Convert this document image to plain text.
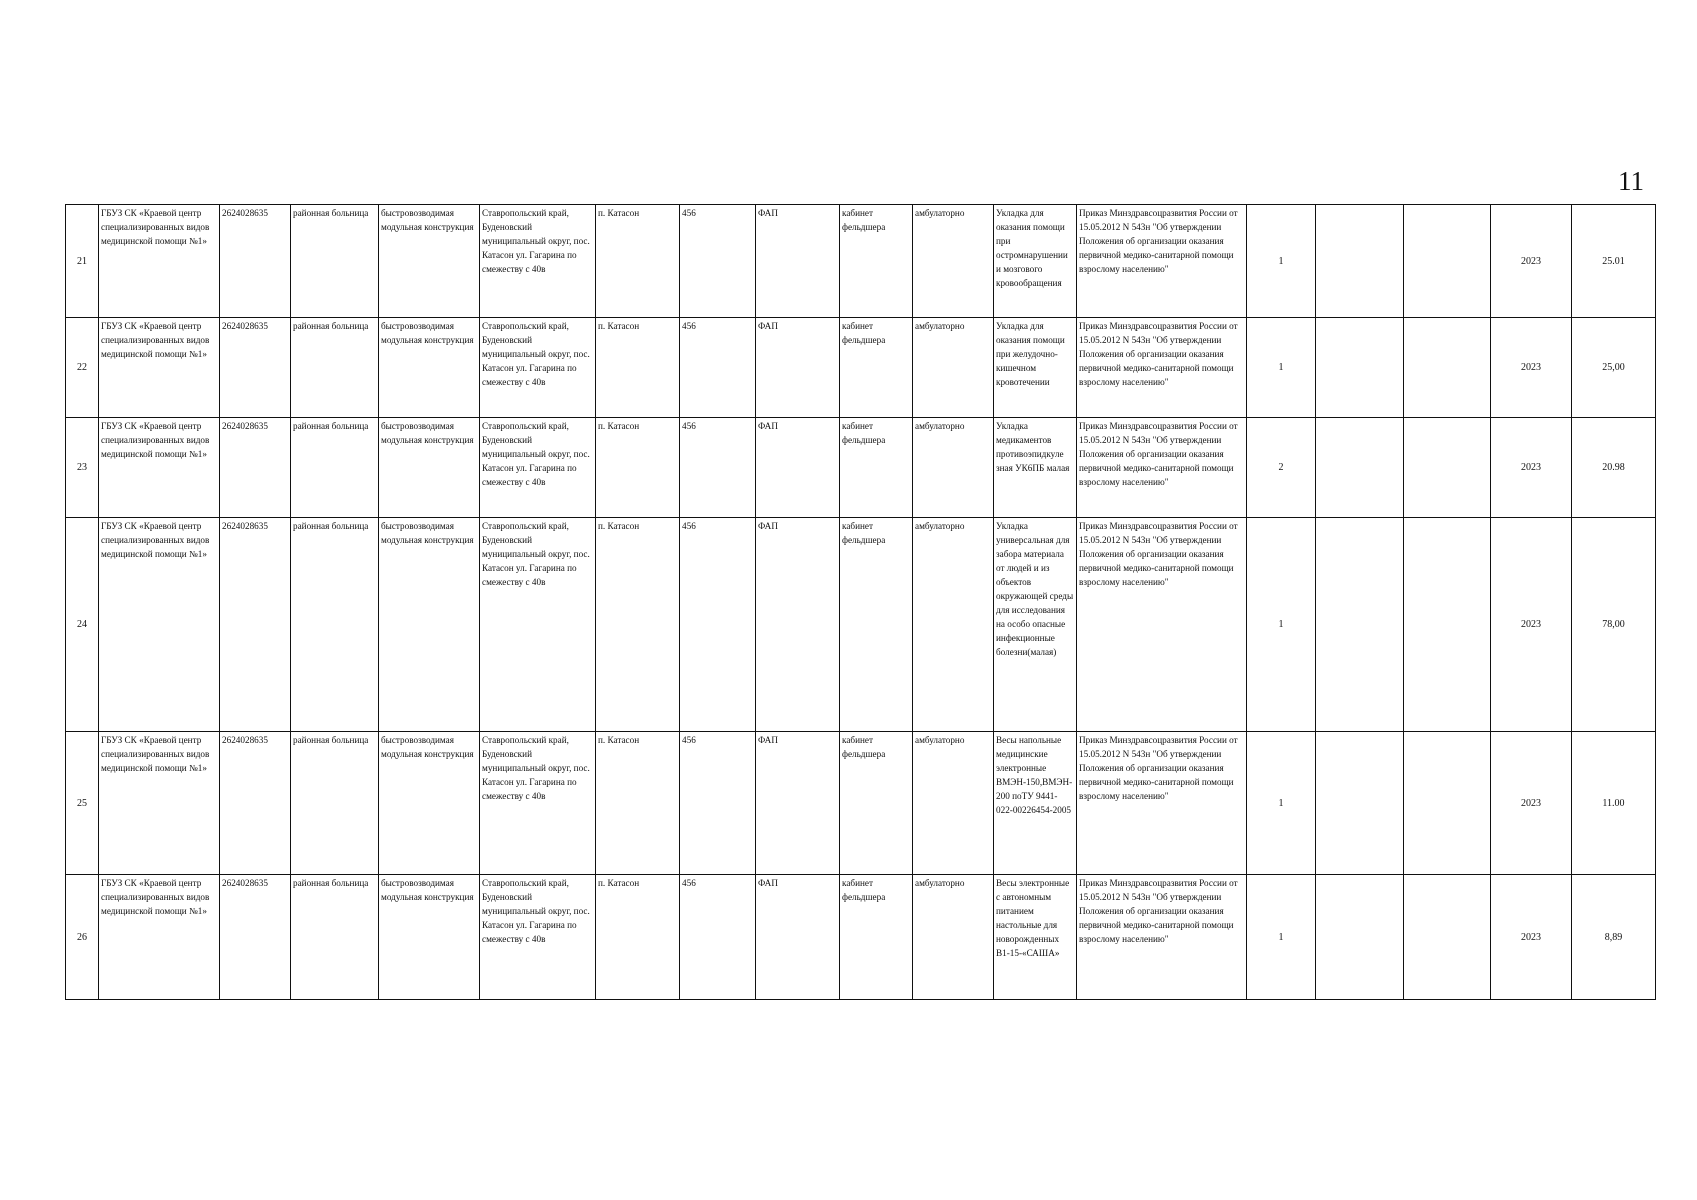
11
21	ГБУЗ СК «Краевой центр специализированных видов медицинской помощи №1»	2624028635	районная больница	быстровозводимая модульная конструкция	Ставропольский край, Буденовский муниципальный округ, пос. Катасон ул. Гагарина по смежеству с 40в	п. Катасон	456	ФАП	кабинет фельдшера	амбулаторно	Укладка для оказания помощи при остромнарушении и мозгового кровообращения	Приказ Минздравсоцразвития России от 15.05.2012 N 543н "Об утверждении Положения об организации оказания первичной медико-санитарной помощи взрослому населению"	1			2023	25.01
22	ГБУЗ СК «Краевой центр специализированных видов медицинской помощи №1»	2624028635	районная больница	быстровозводимая модульная конструкция	Ставропольский край, Буденовский муниципальный округ, пос. Катасон ул. Гагарина по смежеству с 40в	п. Катасон	456	ФАП	кабинет фельдшера	амбулаторно	Укладка для оказания помощи при желудочно-кишечном кровотечении	Приказ Минздравсоцразвития России от 15.05.2012 N 543н "Об утверждении Положения об организации оказания первичной медико-санитарной помощи взрослому населению"	1			2023	25,00
23	ГБУЗ СК «Краевой центр специализированных видов медицинской помощи №1»	2624028635	районная больница	быстровозводимая модульная конструкция	Ставропольский край, Буденовский муниципальный округ, пос. Катасон ул. Гагарина по смежеству с 40в	п. Катасон	456	ФАП	кабинет фельдшера	амбулаторно	Укладка медикаментов противоэпидкуле зная УК6ПБ малая	Приказ Минздравсоцразвития России от 15.05.2012 N 543н "Об утверждении Положения об организации оказания первичной медико-санитарной помощи взрослому населению"	2			2023	20.98
24	ГБУЗ СК «Краевой центр специализированных видов медицинской помощи №1»	2624028635	районная больница	быстровозводимая модульная конструкция	Ставропольский край, Буденовский муниципальный округ, пос. Катасон ул. Гагарина по смежеству с 40в	п. Катасон	456	ФАП	кабинет фельдшера	амбулаторно	Укладка универсальная для забора материала от людей и из объектов окружающей среды для исследования на особо опасные инфекционные болезни(малая)	Приказ Минздравсоцразвития России от 15.05.2012 N 543н "Об утверждении Положения об организации оказания первичной медико-санитарной помощи взрослому населению"	1			2023	78,00
25	ГБУЗ СК «Краевой центр специализированных видов медицинской помощи №1»	2624028635	районная больница	быстровозводимая модульная конструкция	Ставропольский край, Буденовский муниципальный округ, пос. Катасон ул. Гагарина по смежеству с 40в	п. Катасон	456	ФАП	кабинет фельдшера	амбулаторно	Весы напольные медицинские электронные ВМЭН-150,ВМЭН-200 поТУ 9441-022-00226454-2005	Приказ Минздравсоцразвития России от 15.05.2012 N 543н "Об утверждении Положения об организации оказания первичной медико-санитарной помощи взрослому населению"	1			2023	11.00
26	ГБУЗ СК «Краевой центр специализированных видов медицинской помощи №1»	2624028635	районная больница	быстровозводимая модульная конструкция	Ставропольский край, Буденовский муниципальный округ, пос. Катасон ул. Гагарина по смежеству с 40в	п. Катасон	456	ФАП	кабинет фельдшера	амбулаторно	Весы электронные с автономным питанием настольные для новорожденных В1-15-«САША»	Приказ Минздравсоцразвития России от 15.05.2012 N 543н "Об утверждении Положения об организации оказания первичной медико-санитарной помощи взрослому населению"	1			2023	8,89
